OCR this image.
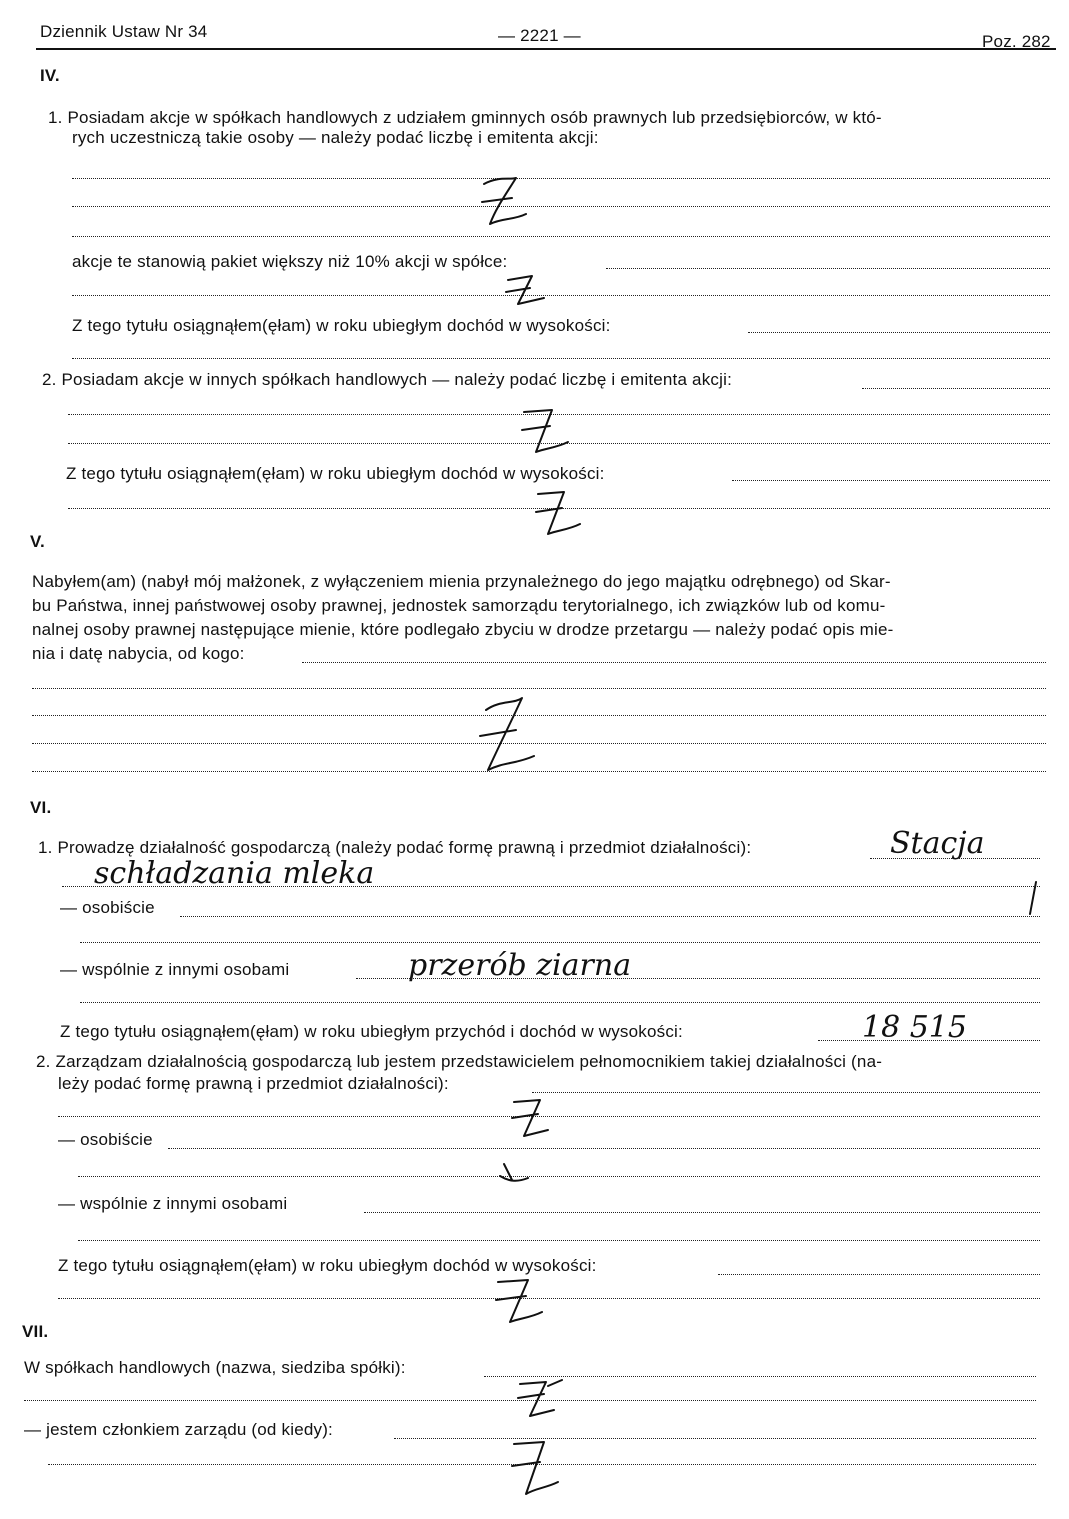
Dziennik Ustaw Nr 34	— 2221 —	Poz. 282
IV.
1. Posiadam akcje w spółkach handlowych z udziałem gminnych osób prawnych lub przedsiębiorców, w któ-
rych uczestniczą takie osoby — należy podać liczbę i emitenta akcji:
akcje te stanowią pakiet większy niż 10% akcji w spółce:
Z tego tytułu osiągnąłem(ęłam) w roku ubiegłym dochód w wysokości:
2. Posiadam akcje w innych spółkach handlowych — należy podać liczbę i emitenta akcji:
Z tego tytułu osiągnąłem(ęłam) w roku ubiegłym dochód w wysokości:
V.
Nabyłem(am) (nabył mój małżonek, z wyłączeniem mienia przynależnego do jego majątku odrębnego) od Skar-
bu Państwa, innej państwowej osoby prawnej, jednostek samorządu terytorialnego, ich związków lub od komu-
nalnej osoby prawnej następujące mienie, które podlegało zbyciu w drodze przetargu — należy podać opis mie-
nia i datę nabycia, od kogo:
VI.
1. Prowadzę działalność gospodarczą (należy podać formę prawną i przedmiot działalności):	Stacja
schładzania mleka
— osobiście
— wspólnie z innymi osobami	przerób ziarna
Z tego tytułu osiągnąłem(ęłam) w roku ubiegłym przychód i dochód w wysokości:	18 515
2. Zarządzam działalnością gospodarczą lub jestem przedstawicielem pełnomocnikiem takiej działalności (na-
leży podać formę prawną i przedmiot działalności):
— osobiście
— wspólnie z innymi osobami
Z tego tytułu osiągnąłem(ęłam) w roku ubiegłym dochód w wysokości:
VII.
W spółkach handlowych (nazwa, siedziba spółki):
— jestem członkiem zarządu (od kiedy):
